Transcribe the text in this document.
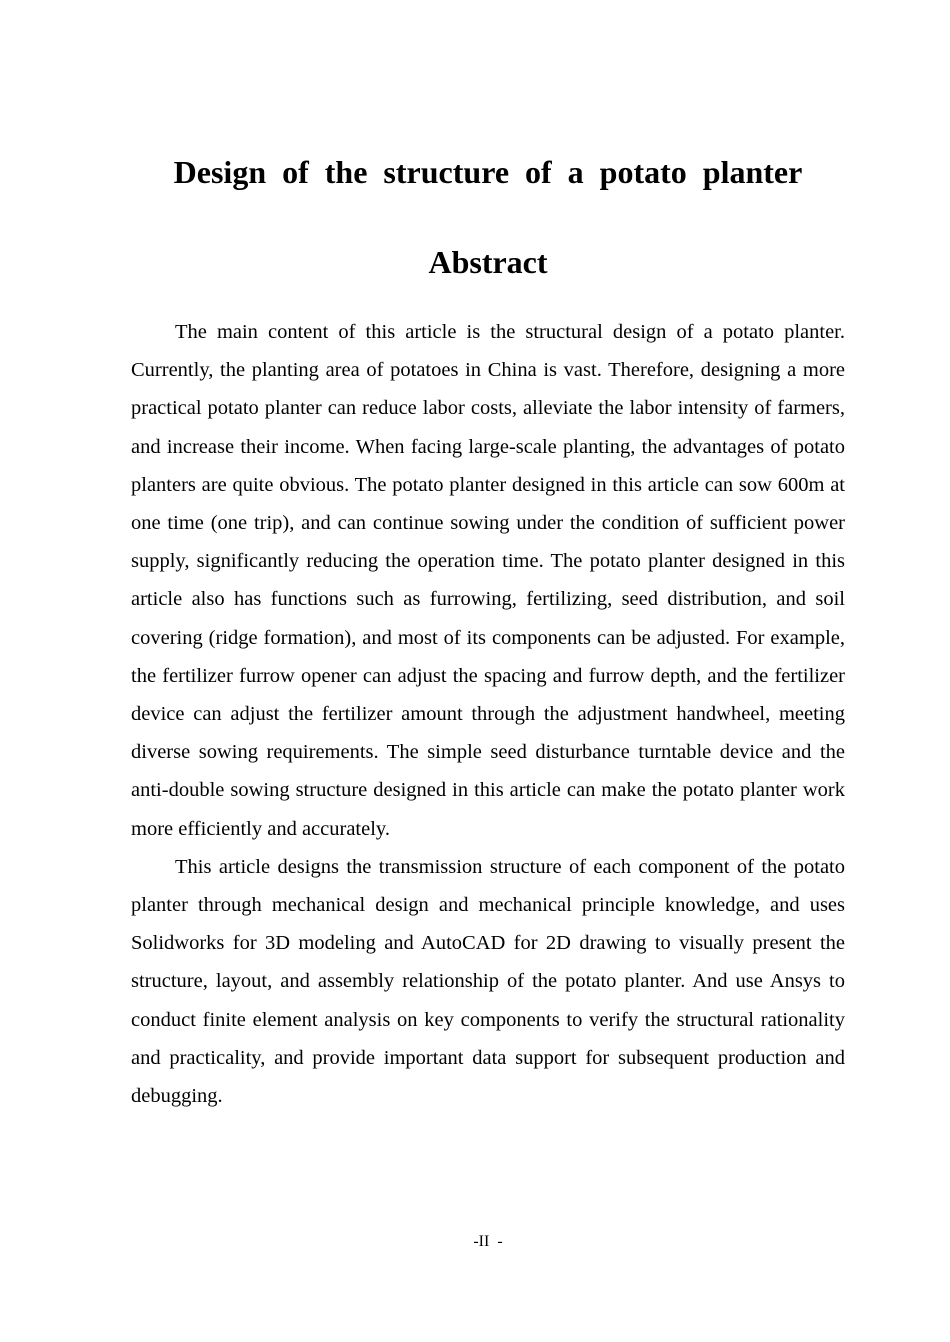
Design of the structure of a potato planter
Abstract

The main content of this article is the structural design of a potato planter. Currently, the planting area of potatoes in China is vast. Therefore, designing a more practical potato planter can reduce labor costs, alleviate the labor intensity of farmers, and increase their income. When facing large-scale planting, the advantages of potato planters are quite obvious. The potato planter designed in this article can sow 600m at one time (one trip), and can continue sowing under the condition of sufficient power supply, significantly reducing the operation time. The potato planter designed in this article also has functions such as furrowing, fertilizing, seed distribution, and soil covering (ridge formation), and most of its components can be adjusted. For example, the fertilizer furrow opener can adjust the spacing and furrow depth, and the fertilizer device can adjust the fertilizer amount through the adjustment handwheel, meeting diverse sowing requirements. The simple seed disturbance turntable device and the anti-double sowing structure designed in this article can make the potato planter work more efficiently and accurately.

This article designs the transmission structure of each component of the potato planter through mechanical design and mechanical principle knowledge, and uses Solidworks for 3D modeling and AutoCAD for 2D drawing to visually present the structure, layout, and assembly relationship of the potato planter. And use Ansys to conduct finite element analysis on key components to verify the structural rationality and practicality, and provide important data support for subsequent production and debugging.

-II -
